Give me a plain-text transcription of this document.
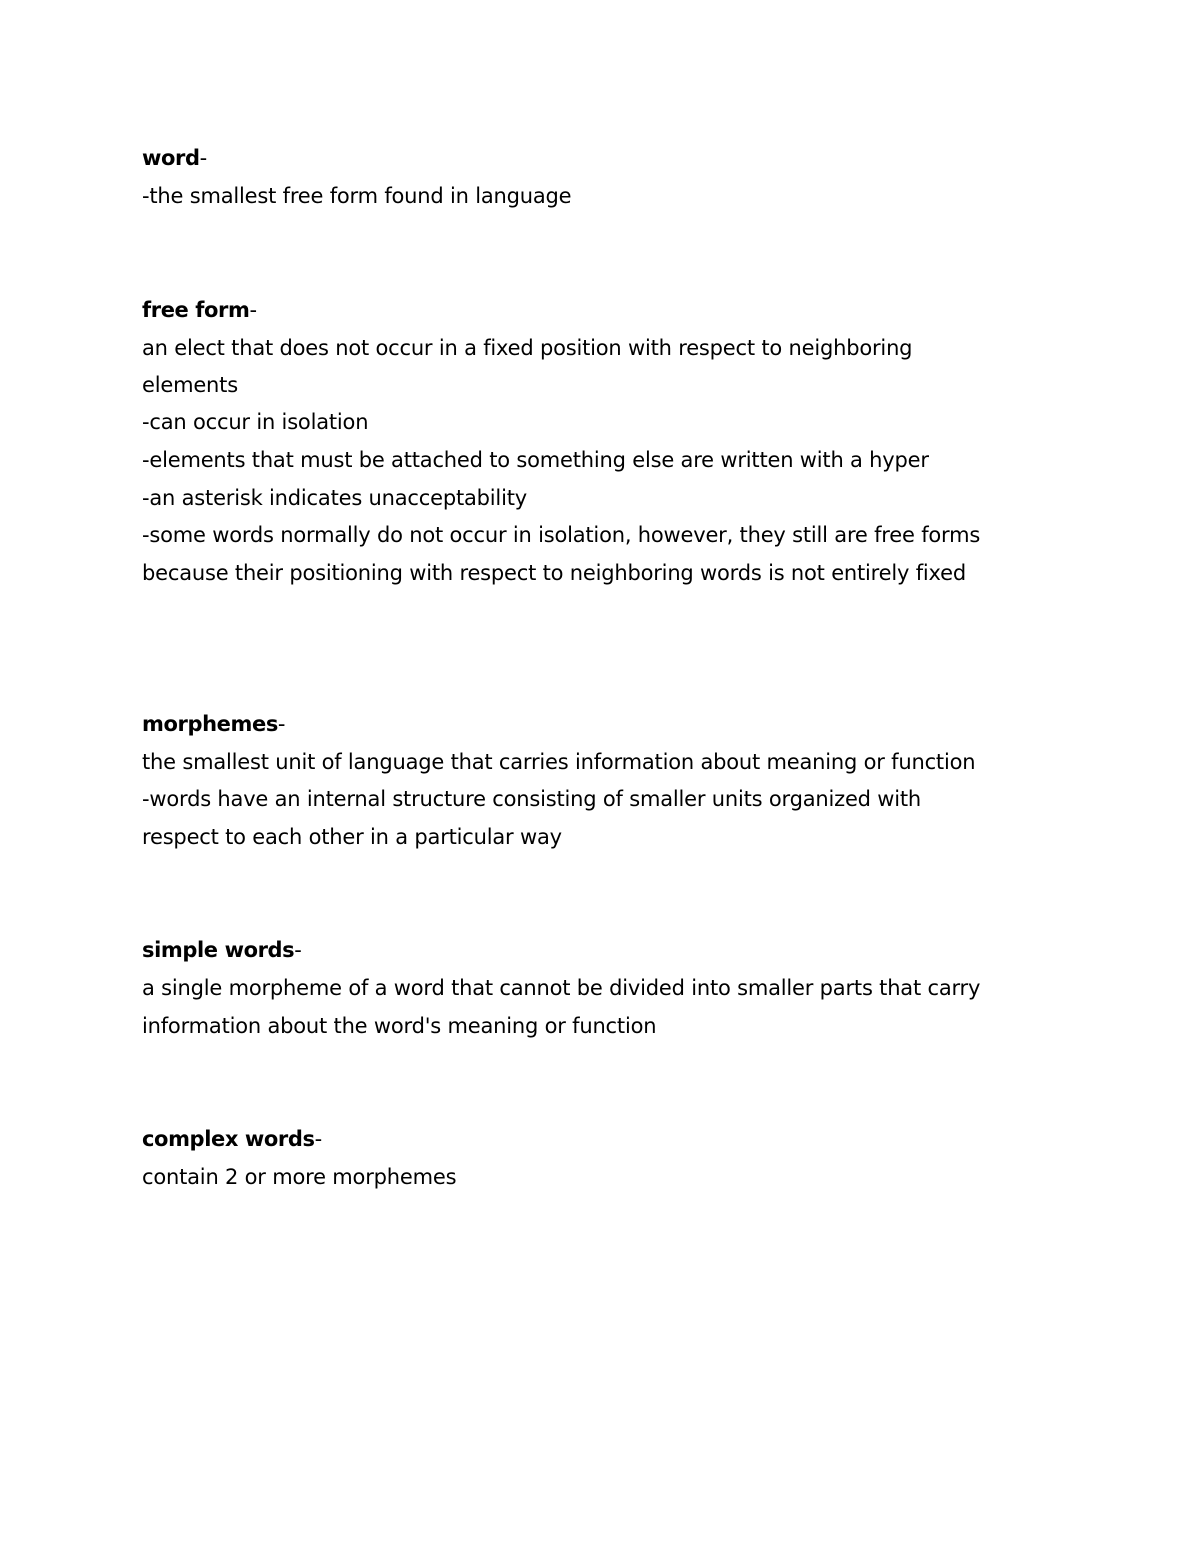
word-
-the smallest free form found in language
free form-
an elect that does not occur in a fixed position with respect to neighboring
elements
-can occur in isolation
-elements that must be attached to something else are written with a hyper
-an asterisk indicates unacceptability
-some words normally do not occur in isolation, however, they still are free forms
because their positioning with respect to neighboring words is not entirely fixed
morphemes-
the smallest unit of language that carries information about meaning or function
-words have an internal structure consisting of smaller units organized with
respect to each other in a particular way
simple words-
a single morpheme of a word that cannot be divided into smaller parts that carry
information about the word's meaning or function
complex words-
contain 2 or more morphemes
